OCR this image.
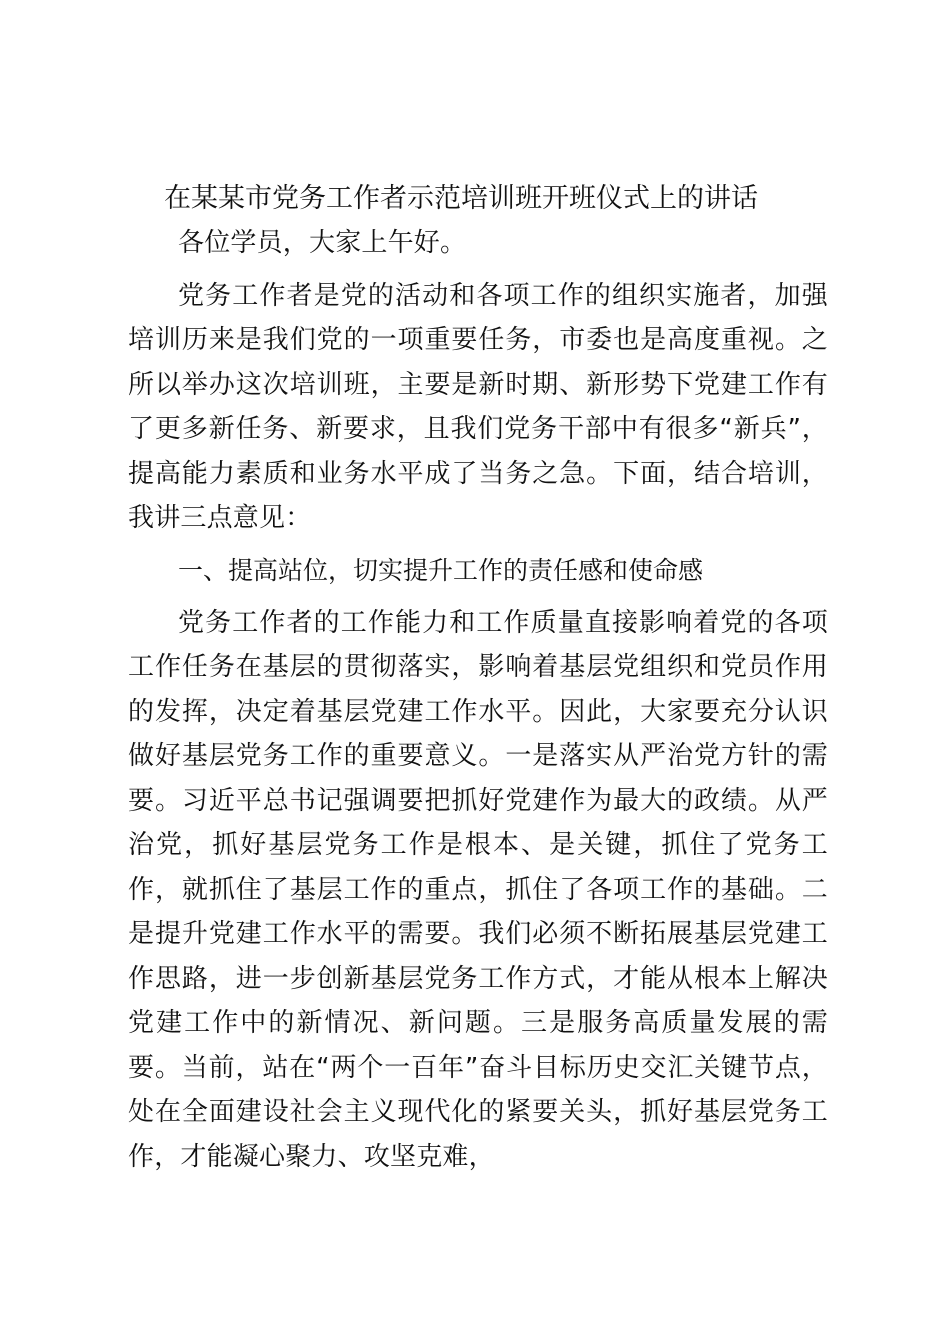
在某某市党务工作者示范培训班开班仪式上的讲话

各位学员，大家上午好。

党务工作者是党的活动和各项工作的组织实施者，加强培训历来是我们党的一项重要任务，市委也是高度重视。之所以举办这次培训班，主要是新时期、新形势下党建工作有了更多新任务、新要求，且我们党务干部中有很多“新兵”，提高能力素质和业务水平成了当务之急。下面，结合培训，我讲三点意见：

一、提高站位，切实提升工作的责任感和使命感

党务工作者的工作能力和工作质量直接影响着党的各项工作任务在基层的贯彻落实，影响着基层党组织和党员作用的发挥，决定着基层党建工作水平。因此，大家要充分认识做好基层党务工作的重要意义。一是落实从严治党方针的需要。习近平总书记强调要把抓好党建作为最大的政绩。从严治党，抓好基层党务工作是根本、是关键，抓住了党务工作，就抓住了基层工作的重点，抓住了各项工作的基础。二是提升党建工作水平的需要。我们必须不断拓展基层党建工作思路，进一步创新基层党务工作方式，才能从根本上解决党建工作中的新情况、新问题。三是服务高质量发展的需要。当前，站在“两个一百年”奋斗目标历史交汇关键节点，处在全面建设社会主义现代化的紧要关头，抓好基层党务工作，才能凝心聚力、攻坚克难，
